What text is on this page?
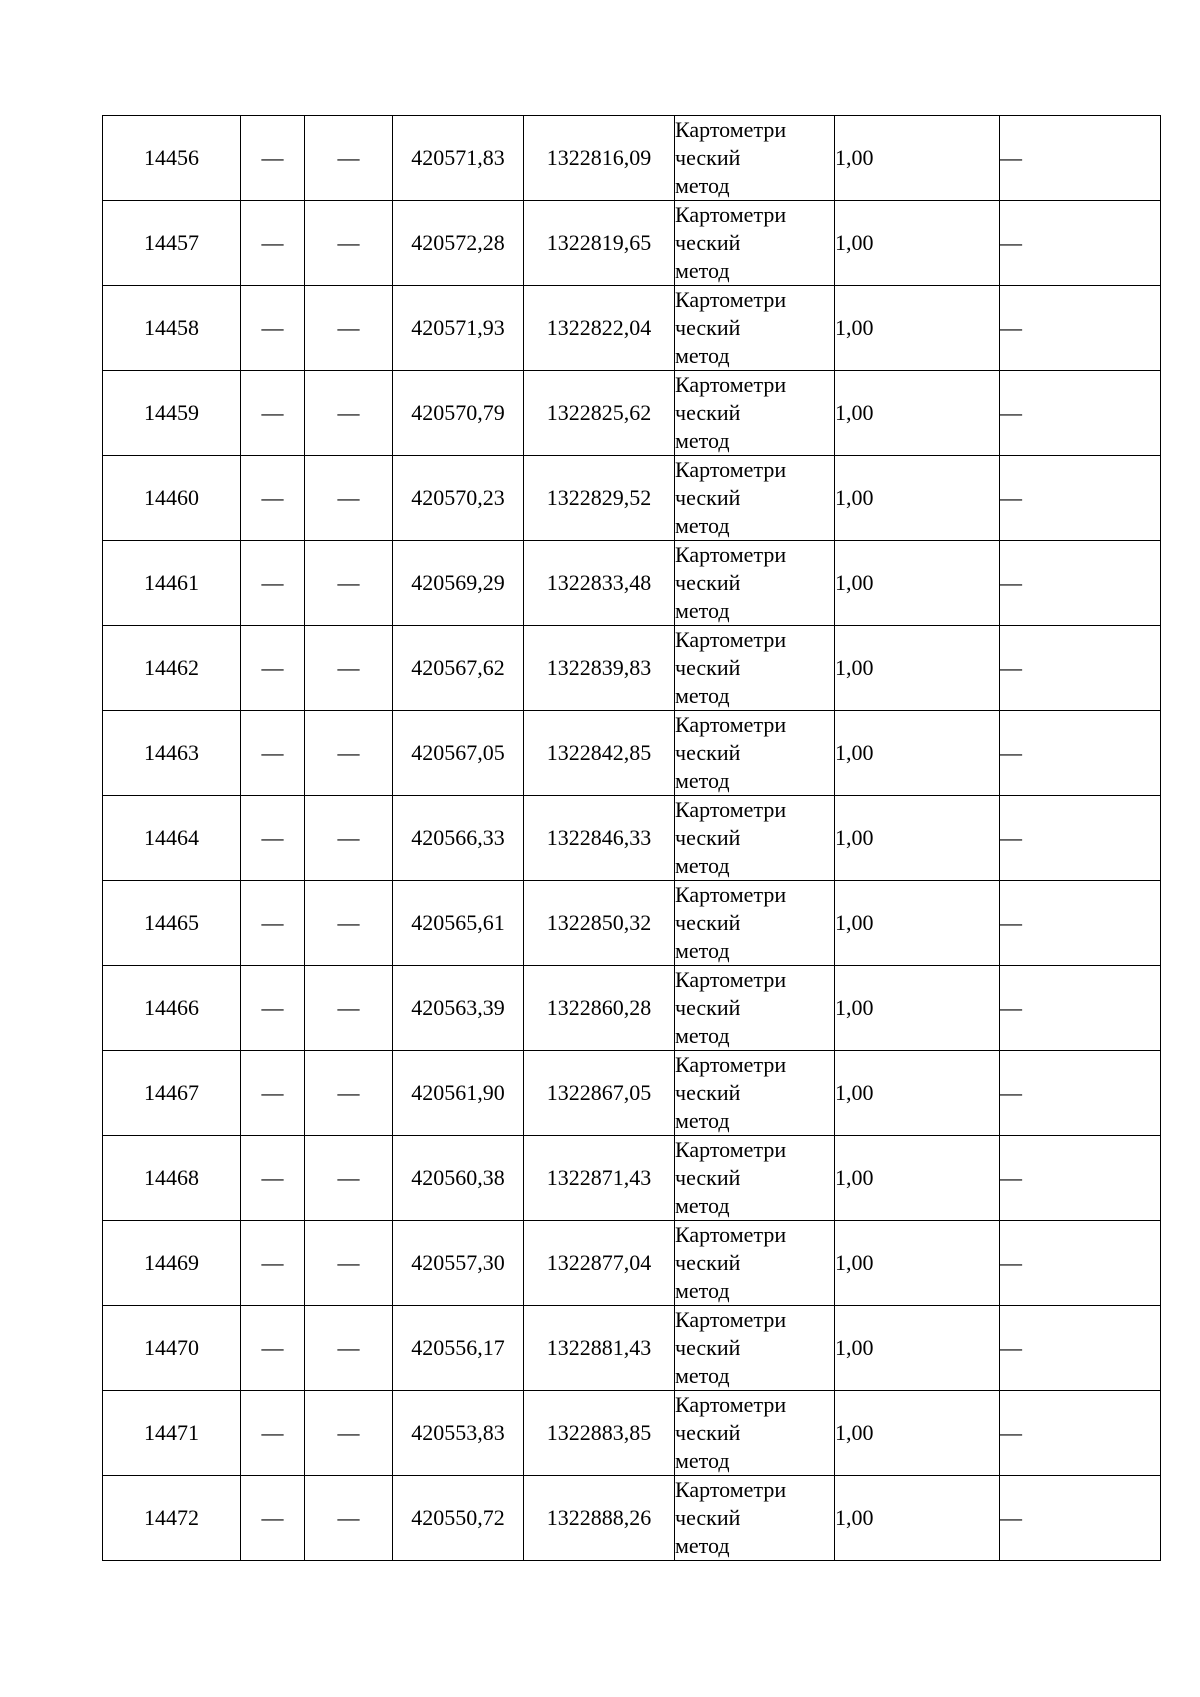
14456	—	—	420571,83	1322816,09	Картометри
ческий
метод	1,00	—
14457	—	—	420572,28	1322819,65	Картометри
ческий
метод	1,00	—
14458	—	—	420571,93	1322822,04	Картометри
ческий
метод	1,00	—
14459	—	—	420570,79	1322825,62	Картометри
ческий
метод	1,00	—
14460	—	—	420570,23	1322829,52	Картометри
ческий
метод	1,00	—
14461	—	—	420569,29	1322833,48	Картометри
ческий
метод	1,00	—
14462	—	—	420567,62	1322839,83	Картометри
ческий
метод	1,00	—
14463	—	—	420567,05	1322842,85	Картометри
ческий
метод	1,00	—
14464	—	—	420566,33	1322846,33	Картометри
ческий
метод	1,00	—
14465	—	—	420565,61	1322850,32	Картометри
ческий
метод	1,00	—
14466	—	—	420563,39	1322860,28	Картометри
ческий
метод	1,00	—
14467	—	—	420561,90	1322867,05	Картометри
ческий
метод	1,00	—
14468	—	—	420560,38	1322871,43	Картометри
ческий
метод	1,00	—
14469	—	—	420557,30	1322877,04	Картометри
ческий
метод	1,00	—
14470	—	—	420556,17	1322881,43	Картометри
ческий
метод	1,00	—
14471	—	—	420553,83	1322883,85	Картометри
ческий
метод	1,00	—
14472	—	—	420550,72	1322888,26	Картометри
ческий
метод	1,00	—
